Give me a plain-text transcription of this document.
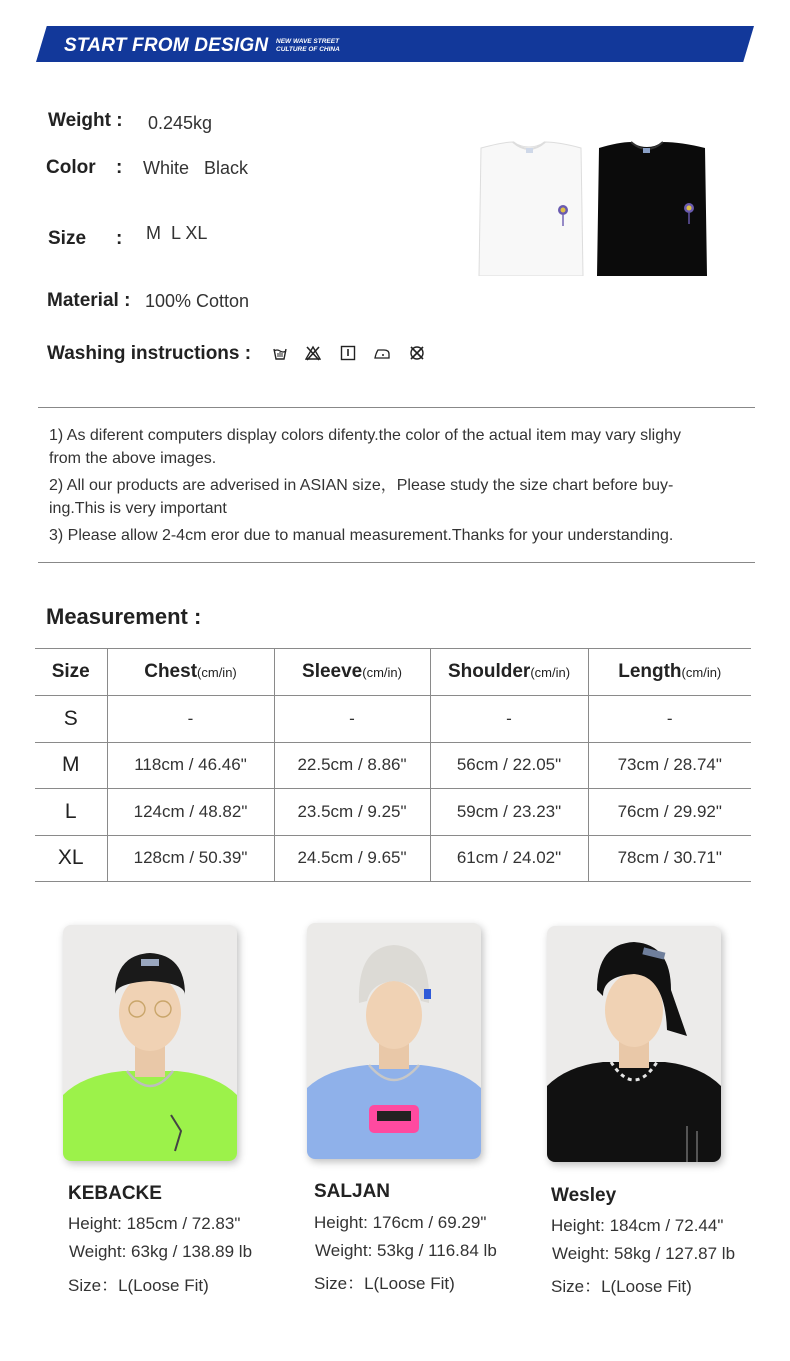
START FROM DESIGN NEW WAVE STREET
CULTURE OF CHINA
Weight : 0.245kg
Color : White   Black
Size : M  L XL
Material : 100% Cotton
Washing instructions :
1) As diferent computers display colors difenty.the color of the actual item may vary slighy
from the above images.
2) All our products are adverised in ASIAN size，Please study the size chart before buy-
ing.This is very important
3) Please allow 2-4cm eror due to manual measurement.Thanks for your understanding.
Measurement :
Size	Chest(cm/in)	Sleeve(cm/in)	Shoulder(cm/in)	Length(cm/in)
S	-	-	-	-
M	118cm / 46.46"	22.5cm / 8.86"	56cm / 22.05"	73cm / 28.74"
L	124cm / 48.82"	23.5cm / 9.25"	59cm / 23.23"	76cm / 29.92"
XL	128cm / 50.39"	24.5cm / 9.65"	61cm / 24.02"	78cm / 30.71"
KEBACKE
Height: 185cm / 72.83"
Weight: 63kg / 138.89 lb
Size：L(Loose Fit)
SALJAN
Height: 176cm / 69.29"
Weight: 53kg / 116.84 lb
Size：L(Loose Fit)
Wesley
Height: 184cm / 72.44"
Weight: 58kg / 127.87 lb
Size：L(Loose Fit)
